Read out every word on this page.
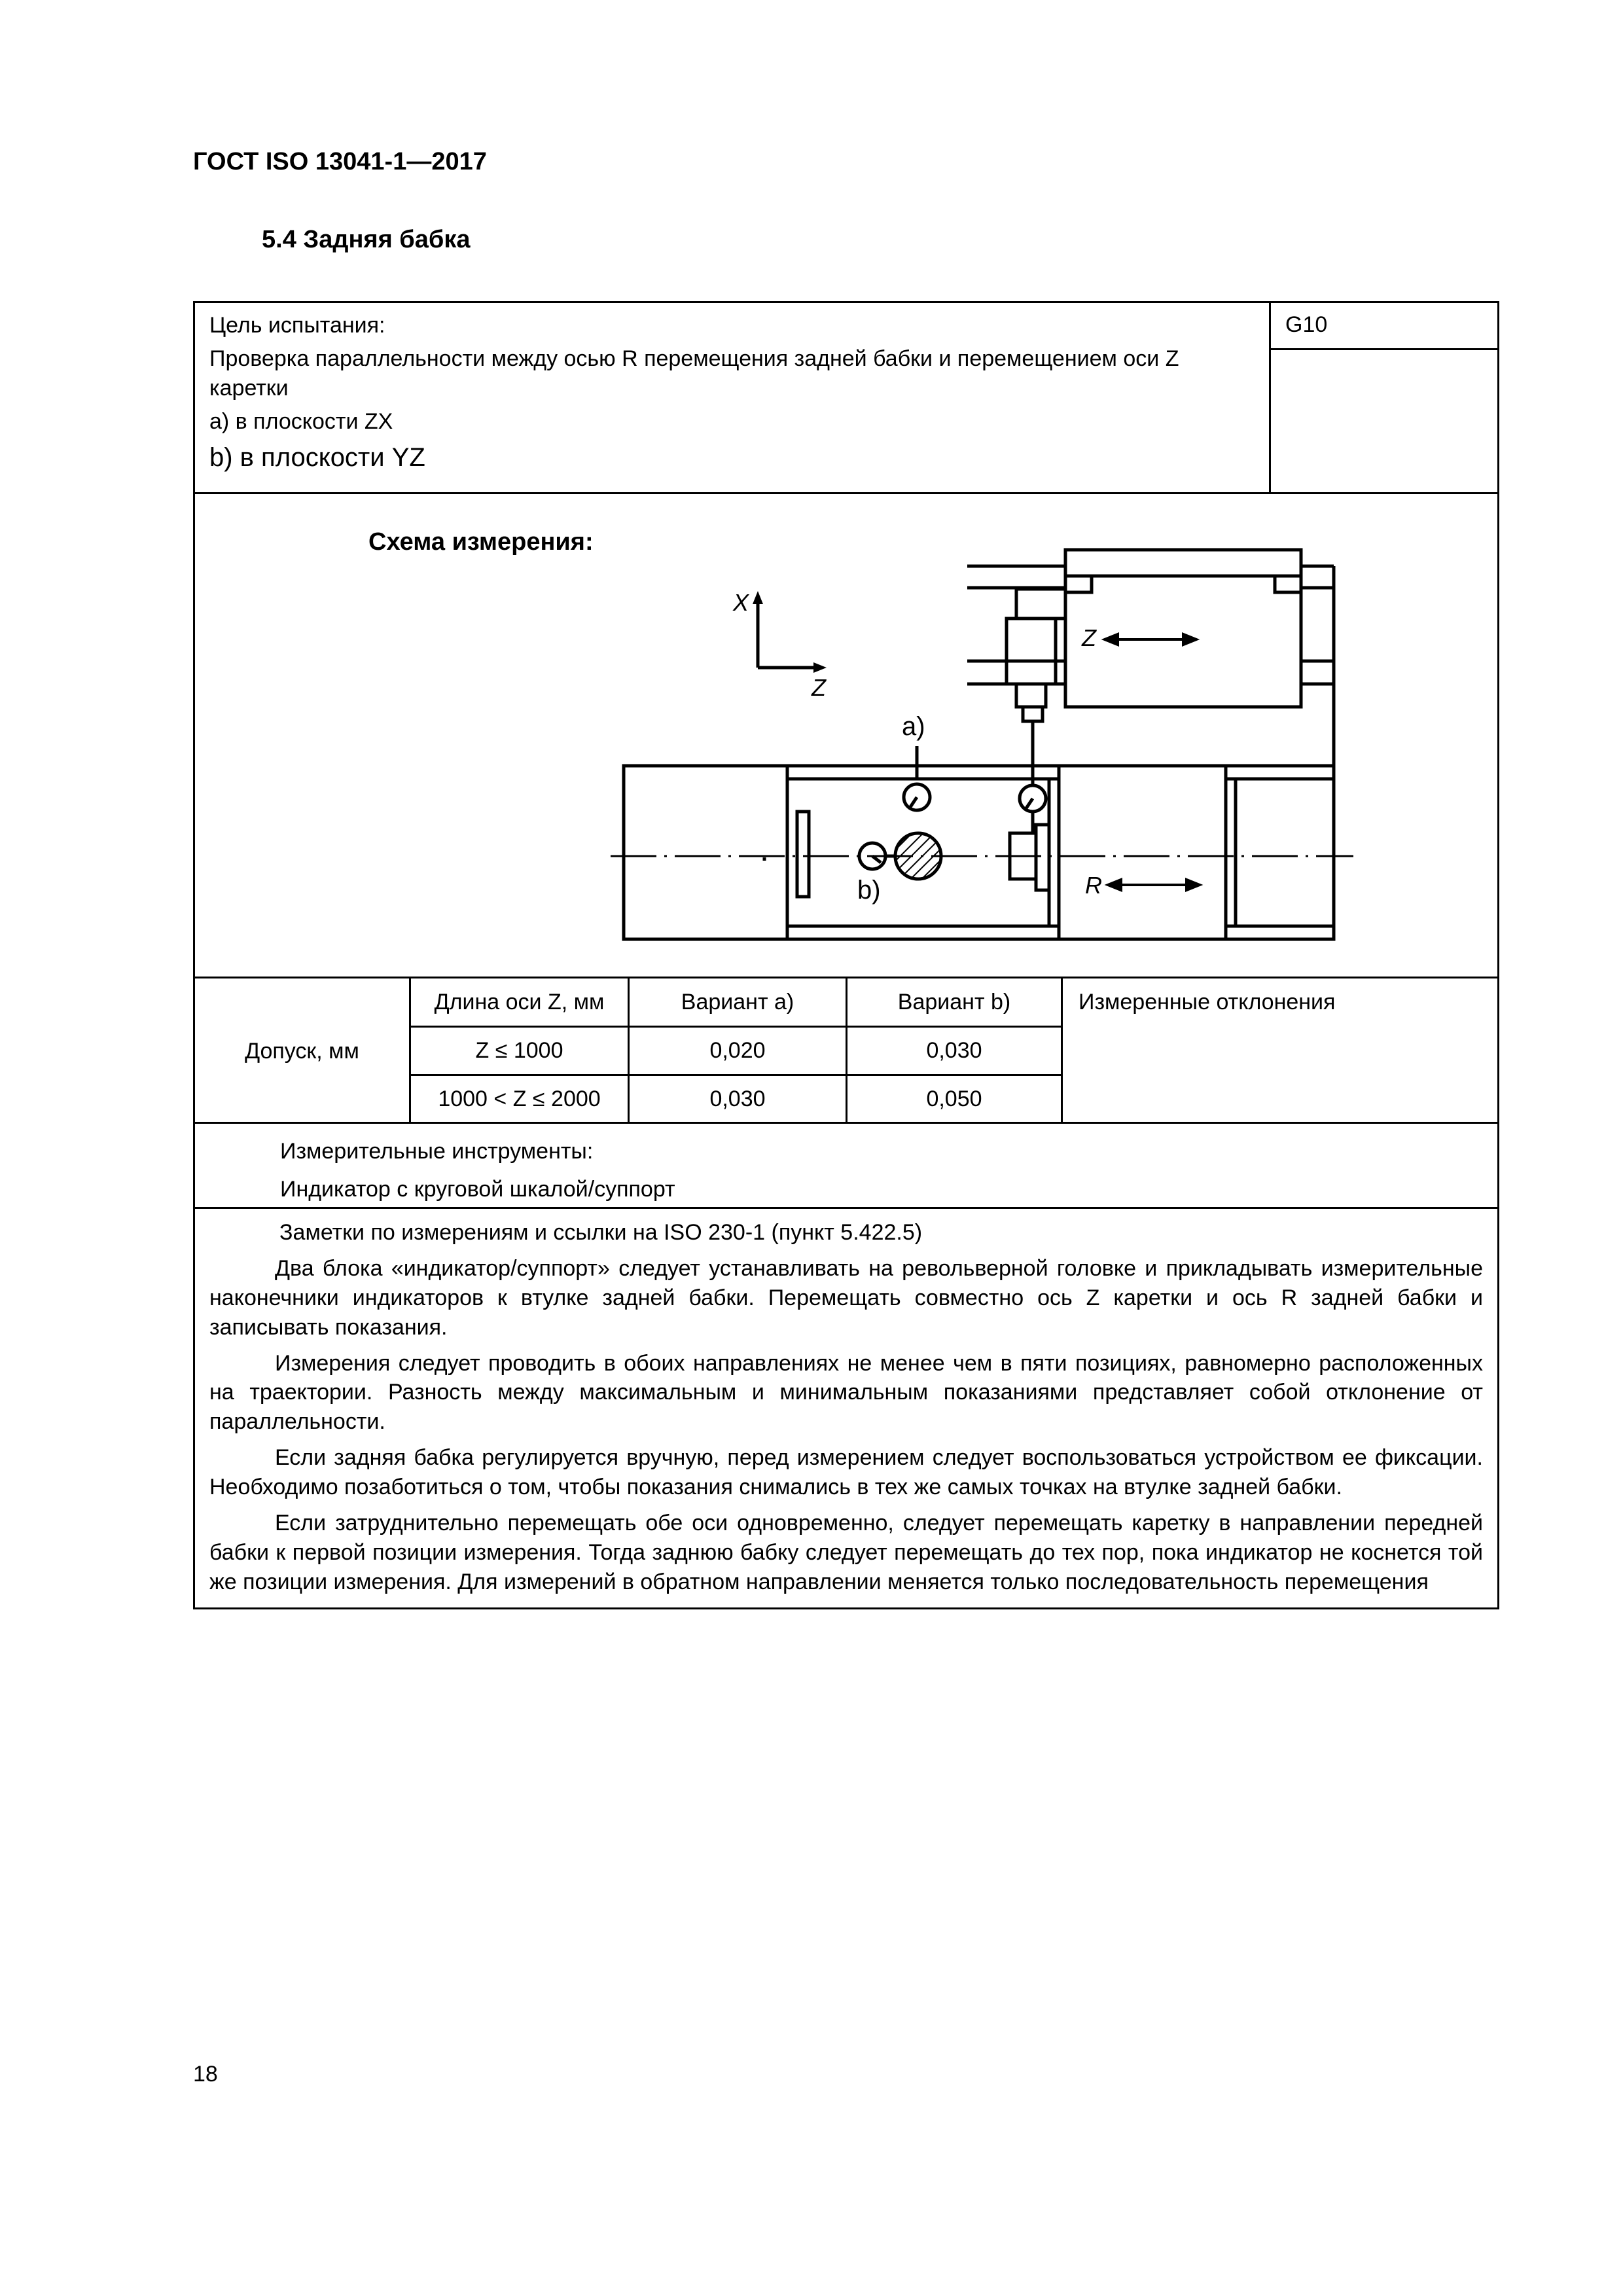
ГОСТ ISO 13041-1—2017
5.4 Задняя бабка

Цель испытания:

Проверка параллельности между осью R перемещения задней бабки и перемещением оси Z каретки

а) в плоскости ZX

b) в плоскости YZ

G10
Схема измерения:
X
Z
Z
R
a)
b)
Допуск, мм
Длина оси Z, мм	Вариант а)	Вариант b)	Измеренные отклонения
Z ≤ 1000	0,020	0,030
1000 < Z ≤ 2000	0,030	0,050
Измерительные инструменты:
Индикатор с круговой шкалой/суппорт

Заметки по измерениям и ссылки на ISO 230-1 (пункт 5.422.5)

Два блока «индикатор/суппорт» следует устанавливать на револьверной головке и прикладывать измерительные наконечники индикаторов к втулке задней бабки. Перемещать совместно ось Z каретки и ось R задней бабки и записывать показания.

Измерения следует проводить в обоих направлениях не менее чем в пяти позициях, равномерно расположенных на траектории. Разность между максимальным и минимальным показаниями представляет собой отклонение от параллельности.

Если задняя бабка регулируется вручную, перед измерением следует воспользоваться устройством ее фиксации. Необходимо позаботиться о том, чтобы показания снимались в тех же самых точках на втулке задней бабки.

Если затруднительно перемещать обе оси одновременно, следует перемещать каретку в направлении передней бабки к первой позиции измерения. Тогда заднюю бабку следует перемещать до тех пор, пока индикатор не коснется той же позиции измерения. Для измерений в обратном направлении меняется только последовательность перемещения

18
